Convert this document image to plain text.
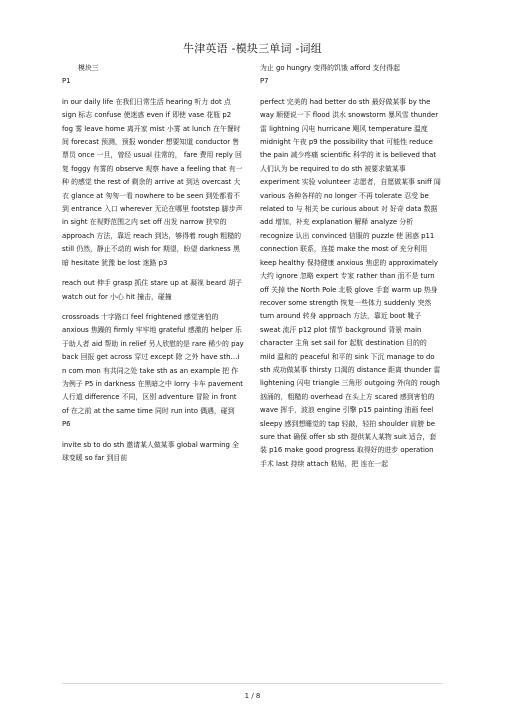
牛津英语 -模块三单词 -词组

模块三

P1

in our daily life 在我们日常生活 hearing 听力 dot 点 sign 标志 confuse 使迷惑 even if 即使 vase 花瓶 p2 fog 雾 leave home 离开家 mist 小雾 at lunch 在午餐时间 forecast 预测，预报 wonder 想要知道 conductor 售票员 once 一旦，曾经 usual 往常的， fare 费用 reply 回复 foggy 有雾的 observe 观察 have a feeling that 有一种 的感觉 the rest of 剩余的 arrive at 到达 overcast 大衣 glance at 匆匆一看 nowhere to be seen 到处都看不到 entrance 入口 wherever 无论在哪里 footstep 脚步声 in sight 在视野范围之内 set off 出发 narrow 狭窄的 approach 方法，靠近 reach 到达，够得着 rough 粗糙的 still 仍然，静止不动的 wish for 期望，盼望 darkness 黑暗 hesitate 犹豫 be lost 迷路 p3

reach out 伸手 grasp 抓住 stare up at 凝视 beard 胡子 watch out for 小心 hit 撞击，碰撞

crossroads 十字路口 feel frightened 感觉害怕的 anxious 焦躁的 firmly 牢牢地 grateful 感激的 helper 乐于助人者 aid 帮助 in relief 另人欣慰的是 rare 稀少的 pay back 回报 get across 穿过 except 除 之外 have sth…i n com mon 有共同之处 take sth as an example 把 作为例子 P5 in darkness 在黑暗之中 lorry 卡车 pavement 人行道 difference 不同，区别 adventure 冒险 in front of 在之前 at the same time 同时 run into 偶遇，碰到

P6

invite sb to do sth 邀请某人做某事 global warming 全球变暖 so far 到目前

为止 go hungry 变得的饥饿 afford 支付得起

P7

perfect 完美的 had better do sth 最好做某事 by the way 顺便说一下 flood 洪水 snowstorm 暴风雪 thunder 雷 lightning 闪电 hurricane 飓风 temperature 温度 midnight 午夜 p9 the possibility that 可能性 reduce the pain 减少疼痛 scientific 科学的 it is believed that 人们认为 be required to do sth 被要求做某事 experiment 实验 volunteer 志愿者，自愿做某事 sniff 闻 various 各种各样的 no longer 不再 tolerate 忍受 be related to 与 相关 be curious about 对 好奇 data 数据 add 增加，补充 explanation 解释 analyze 分析 recognize 认出 convinced 信服的 puzzle 使 困惑 p11 connection 联系，连接 make the most of 充分利用 keep healthy 保持健康 anxious 焦虑的 approximately 大约 ignore 忽略 expert 专家 rather than 而不是 turn off 关掉 the North Pole 北极 glove 手套 warm up 热身 recover some strength 恢复一些体力 suddenly 突然 turn around 转身 approach 方法，靠近 boot 靴子 sweat 流汗 p12 plot 情节 background 背景 main character 主角 set sail for 起航 destination 目的的 mild 温和的 peaceful 和平的 sink 下沉 manage to do sth 成功做某事 thirsty 口渴的 distance 距离 thunder 雷 lightening 闪电 triangle 三角形 outgoing 外向的 rough 汹涌的，粗糙的 overhead 在头上方 scared 感到害怕的 wave 挥手，波浪 engine 引擎 p15 painting 油画 feel sleepy 感到想睡觉的 tap 轻敲，轻拍 shoulder 肩膀 be sure that 确保 offer sb sth 提供某人某物 suit 适合，套装 p16 make good progress 取得好的进步 operation 手术 last 持续 attach 粘贴，把 连在一起

1 / 8
